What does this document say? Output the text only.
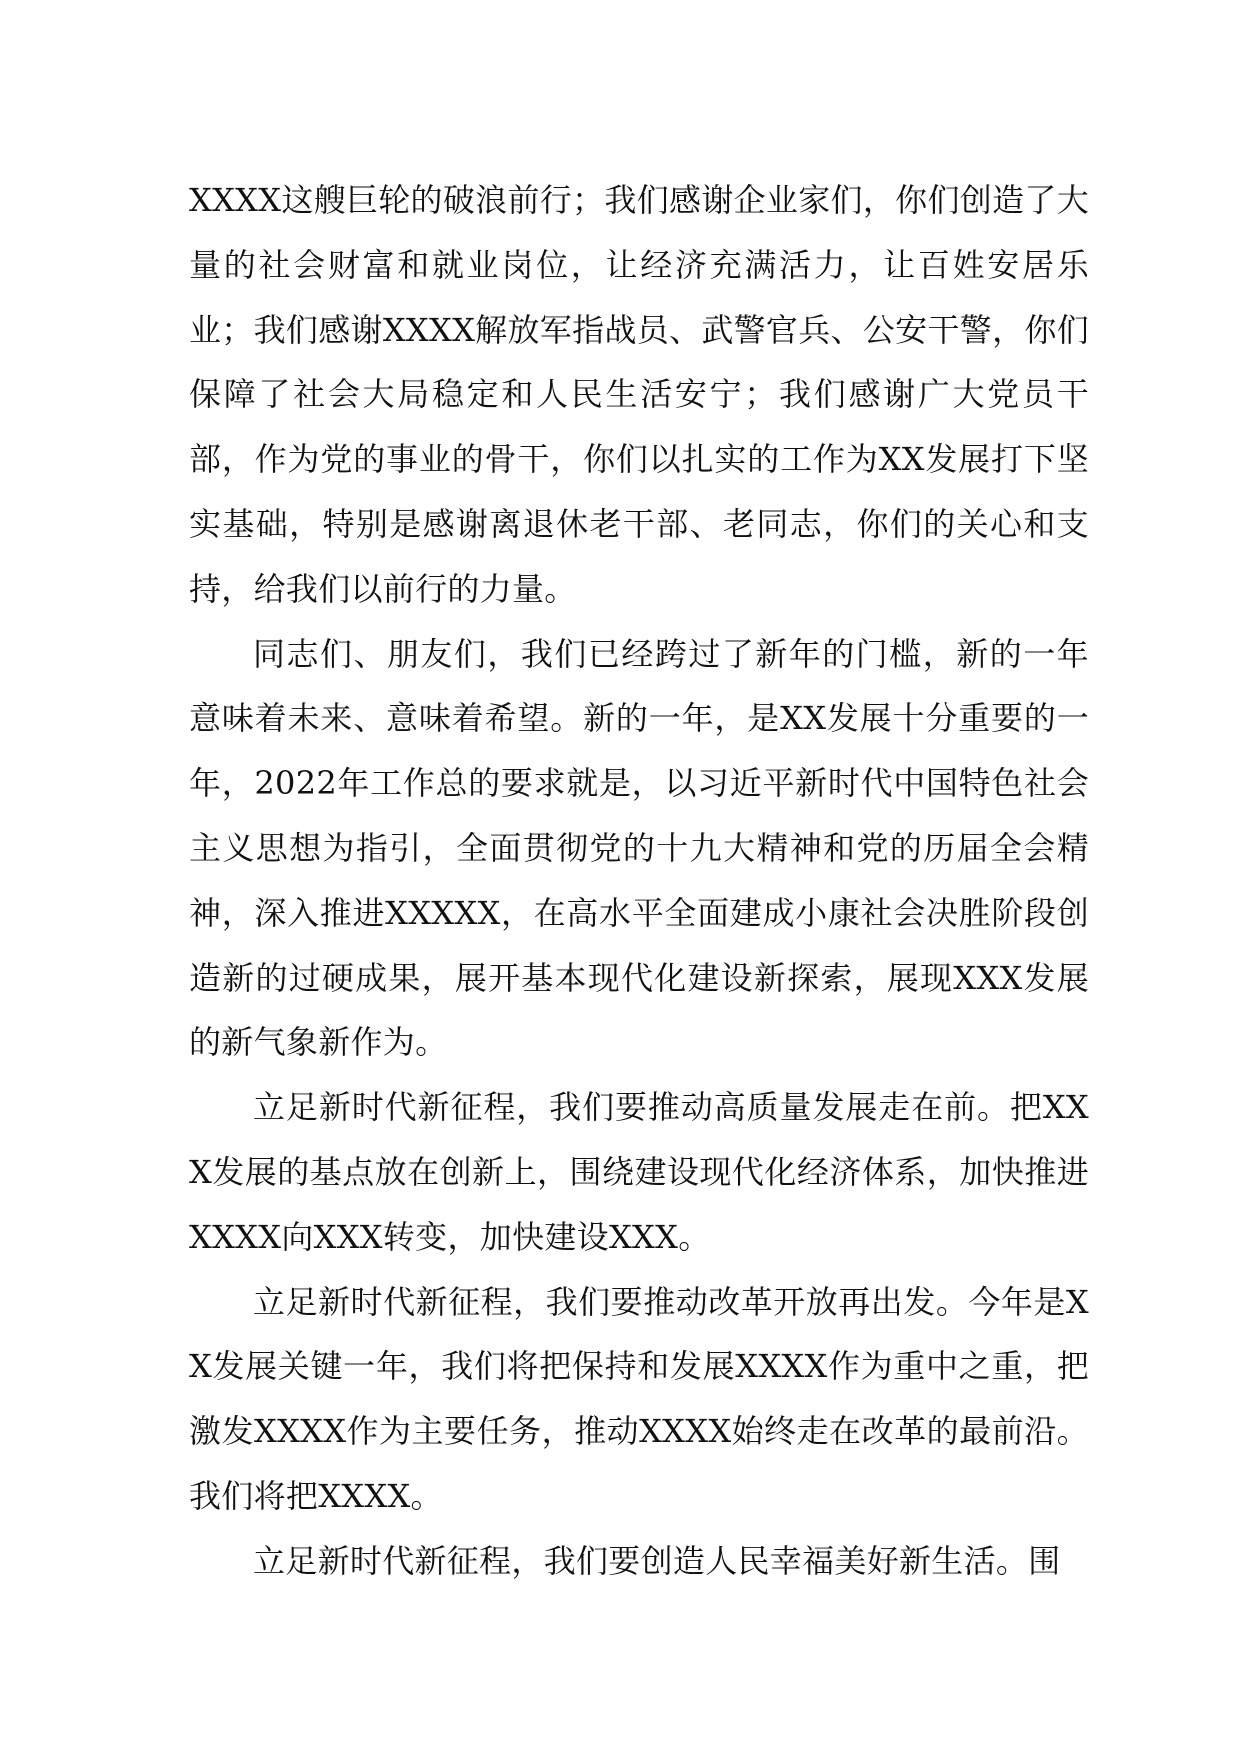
XXXX这艘巨轮的破浪前行；我们感谢企业家们，你们创造了大量的社会财富和就业岗位，让经济充满活力，让百姓安居乐业；我们感谢XXXX解放军指战员、武警官兵、公安干警，你们保障了社会大局稳定和人民生活安宁；我们感谢广大党员干部，作为党的事业的骨干，你们以扎实的工作为XX发展打下坚实基础，特别是感谢离退休老干部、老同志，你们的关心和支持，给我们以前行的力量。

同志们、朋友们，我们已经跨过了新年的门槛，新的一年意味着未来、意味着希望。新的一年，是XX发展十分重要的一年，2022年工作总的要求就是，以习近平新时代中国特色社会主义思想为指引，全面贯彻党的十九大精神和党的历届全会精神，深入推进XXXXX，在高水平全面建成小康社会决胜阶段创造新的过硬成果，展开基本现代化建设新探索，展现XXX发展的新气象新作为。

立足新时代新征程，我们要推动高质量发展走在前。把XXX发展的基点放在创新上，围绕建设现代化经济体系，加快推进XXXX向XXX转变，加快建设XXX。

立足新时代新征程，我们要推动改革开放再出发。今年是XX发展关键一年，我们将把保持和发展XXXX作为重中之重，把激发XXXX作为主要任务，推动XXXX始终走在改革的最前沿。我们将把XXXX。

立足新时代新征程，我们要创造人民幸福美好新生活。围
